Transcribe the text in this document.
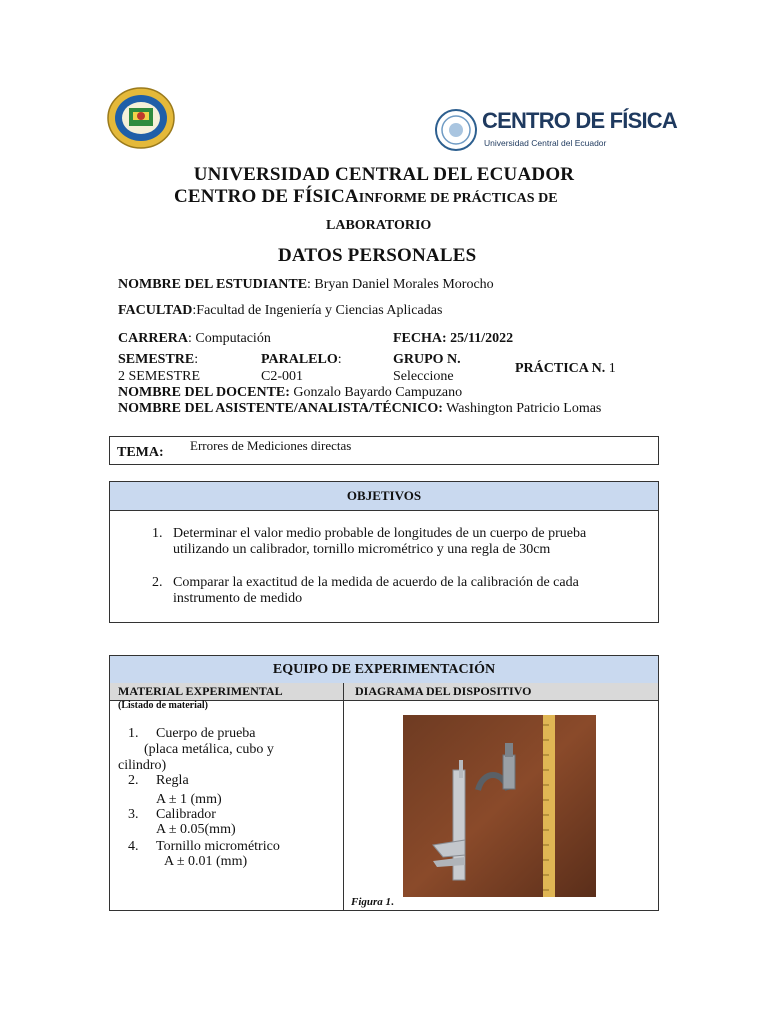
CENTRO DE FÍSICA
Universidad Central del Ecuador
UNIVERSIDAD CENTRAL DEL ECUADOR
CENTRO DE FÍSICAINFORME DE PRÁCTICAS DE
LABORATORIO
DATOS PERSONALES
NOMBRE DEL ESTUDIANTE: Bryan Daniel Morales Morocho
FACULTAD:Facultad de Ingeniería y Ciencias Aplicadas
CARRERA: Computación	FECHA: 25/11/2022
SEMESTRE:
2 SEMESTRE
PARALELO:
C2-001
GRUPO N.
Seleccione
PRÁCTICA N. 1
NOMBRE DEL DOCENTE: Gonzalo Bayardo Campuzano
NOMBRE DEL ASISTENTE/ANALISTA/TÉCNICO: Washington Patricio Lomas
TEMA: Errores de Mediciones directas
OBJETIVOS
1. Determinar el valor medio probable de longitudes de un cuerpo de prueba
utilizando un calibrador, tornillo micrométrico y una regla de 30cm
2. Comparar la exactitud de la medida de acuerdo de la calibración de cada
instrumento de medido
EQUIPO DE EXPERIMENTACIÓN
MATERIAL EXPERIMENTAL	DIAGRAMA DEL DISPOSITIVO
(Listado de material)
1. Cuerpo de prueba
(placa metálica, cubo y
cilindro)
2. Regla
A ± 1 (mm)
3. Calibrador
A ± 0.05(mm)
4. Tornillo micrométrico
A ± 0.01 (mm)
Figura 1.
